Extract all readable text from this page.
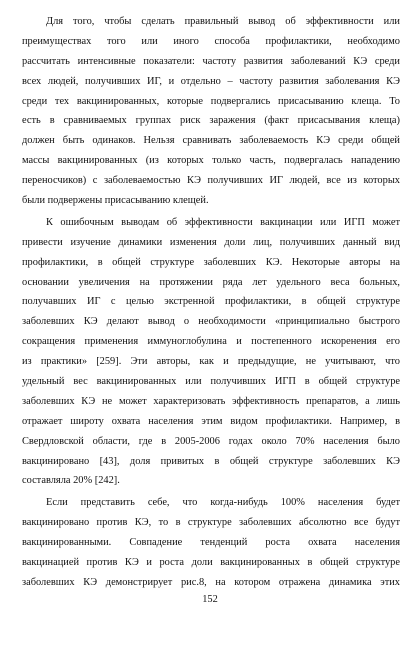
Для того, чтобы сделать правильный вывод об эффективности или
преимуществах того или иного способа профилактики, необходимо
рассчитать интенсивные показатели: частоту развития заболеваний КЭ среди
всех людей, получивших ИГ, и отдельно – частоту развития заболевания КЭ
среди тех вакцинированных, которые подвергались присасыванию клеща. То
есть в сравниваемых группах риск заражения (факт присасывания клеща)
должен быть одинаков. Нельзя сравнивать заболеваемость КЭ среди общей
массы вакцинированных (из которых только часть, подвергалась нападению
переносчиков) с заболеваемостью КЭ получивших ИГ людей, все из которых
были подвержены присасыванию клещей.
К ошибочным выводам об эффективности вакцинации или ИГП может
привести изучение динамики изменения доли лиц, получивших данный вид
профилактики, в общей структуре заболевших КЭ. Некоторые авторы на
основании увеличения на протяжении ряда лет удельного веса больных,
получавших ИГ с целью экстренной профилактики, в общей структуре
заболевших КЭ делают вывод о необходимости «принципиально быстрого
сокращения применения иммуноглобулина и постепенного искоренения его
из практики» [259]. Эти авторы, как и предыдущие, не учитывают, что
удельный вес вакцинированных или получивших ИГП в общей структуре
заболевших КЭ не может характеризовать эффективность препаратов, а лишь
отражает широту охвата населения этим видом профилактики. Например, в
Свердловской области, где в 2005-2006 годах около 70% населения было
вакцинировано [43], доля привитых в общей структуре заболевших КЭ
составляла 20% [242].
Если представить себе, что когда-нибудь 100% населения будет
вакцинировано против КЭ, то в структуре заболевших абсолютно все будут
вакцинированными. Совпадение тенденций роста охвата населения
вакцинацией против КЭ и роста доли вакцинированных в общей структуре
заболевших КЭ демонстрирует рис.8, на котором отражена динамика этих
152
